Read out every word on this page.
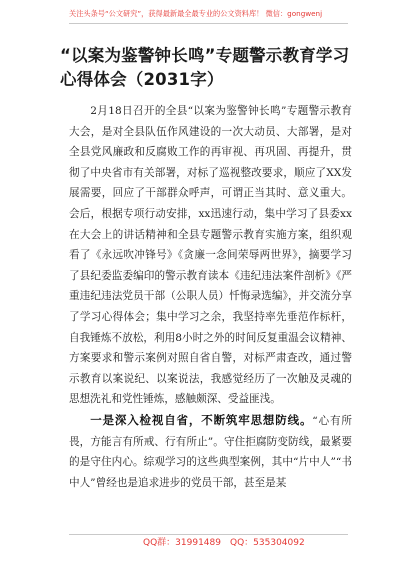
关注头条号“公文研究”，获得最新最全最专业的公文资料库！ 微信：gongwenj
“以案为鉴警钟长鸣”专题警示教育学习心得体会（2031字）

2月18日召开的全县“以案为鉴警钟长鸣”专题警示教育大会，是对全县队伍作风建设的一次大动员、大部署，是对全县党风廉政和反腐败工作的再审视、再巩固、再提升，贯彻了中央省市有关部署，对标了巡视整改要求，顺应了XX发展需要，回应了干部群众呼声，可谓正当其时、意义重大。会后，根据专项行动安排，xx迅速行动，集中学习了县委xx在大会上的讲话精神和全县专题警示教育实施方案，组织观看了《永远吹冲锋号》《贪廉一念间荣辱两世界》，摘要学习了县纪委监委编印的警示教育读本《违纪违法案件剖析》《严重违纪违法党员干部（公职人员）忏悔录选编》，并交流分享了学习心得体会；集中学习之余，我坚持率先垂范作标杆，自我锤炼不放松，利用8小时之外的时间反复重温会议精神、方案要求和警示案例对照自省自警，对标严肃查改，通过警示教育以案说纪、以案说法，我感觉经历了一次触及灵魂的思想洗礼和党性锤炼，感触颇深、受益匪浅。

一是深入检视自省，不断筑牢思想防线。“心有所畏，方能言有所戒、行有所止”。守住拒腐防变防线，最紧要的是守住内心。综观学习的这些典型案例，其中“片中人”“书中人”曾经也是追求进步的党员干部，甚至是某

QQ群：31991489 QQ：535304092
